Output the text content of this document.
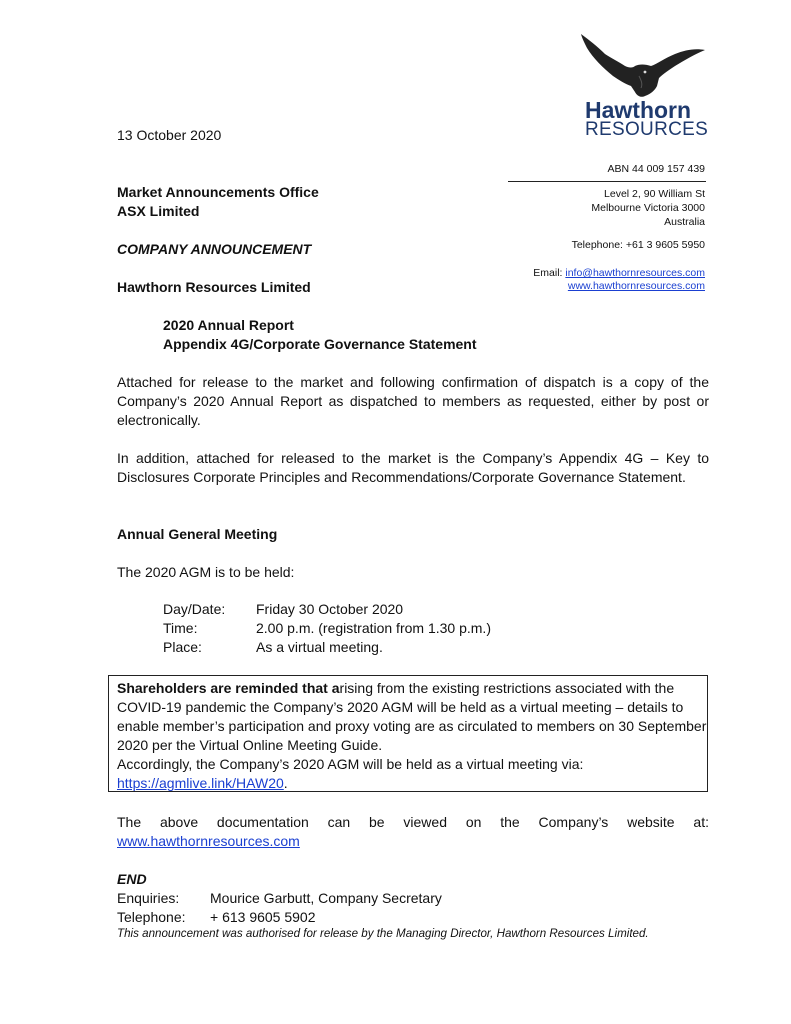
Hawthorn
RESOURCES
13 October 2020
ABN 44 009 157 439
Level 2, 90 William St
Melbourne Victoria 3000
Australia
Telephone: +61 3 9605 5950
Email: info@hawthornresources.com
www.hawthornresources.com
Market Announcements Office
ASX Limited
COMPANY ANNOUNCEMENT
Hawthorn Resources Limited
2020 Annual Report
Appendix 4G/Corporate Governance Statement
Attached for release to the market and following confirmation of dispatch is a copy of the Company’s 2020 Annual Report as dispatched to members as requested, either by post or electronically.
In addition, attached for released to the market is the Company’s Appendix 4G – Key to Disclosures Corporate Principles and Recommendations/Corporate Governance Statement.
Annual General Meeting
The 2020 AGM is to be held:
Day/Date:	Friday 30 October 2020
Time:	2.00 p.m. (registration from 1.30 p.m.)
Place:	As a virtual meeting.
Shareholders are reminded that arising from the existing restrictions associated with the COVID-19 pandemic the Company’s 2020 AGM will be held as a virtual meeting – details to enable member’s participation and proxy voting are as circulated to members on 30 September 2020 per the Virtual Online Meeting Guide.
Accordingly, the Company’s 2020 AGM will be held as a virtual meeting via:
https://agmlive.link/HAW20.
The above documentation can be viewed on the Company’s website at:
www.hawthornresources.com
END
Enquiries: Mourice Garbutt, Company Secretary
Telephone: + 613 9605 5902
This announcement was authorised for release by the Managing Director, Hawthorn Resources Limited.
